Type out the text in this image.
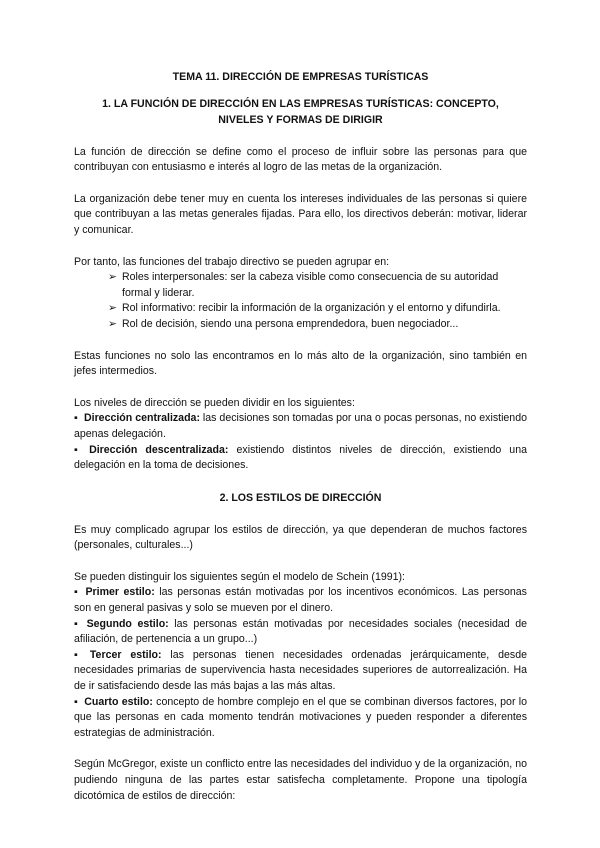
TEMA 11. DIRECCIÓN DE EMPRESAS TURÍSTICAS
1. LA FUNCIÓN DE DIRECCIÓN EN LAS EMPRESAS TURÍSTICAS: CONCEPTO,
NIVELES Y FORMAS DE DIRIGIR

La función de dirección se define como el proceso de influir sobre las personas para que contribuyan con entusiasmo e interés al logro de las metas de la organización.

La organización debe tener muy en cuenta los intereses individuales de las personas si quiere que contribuyan a las metas generales fijadas. Para ello, los directivos deberán: motivar, liderar y comunicar.

Por tanto, las funciones del trabajo directivo se pueden agrupar en:

➢ Roles interpersonales: ser la cabeza visible como consecuencia de su autoridad formal y liderar.
➢ Rol informativo: recibir la información de la organización y el entorno y difundirla.
➢ Rol de decisión, siendo una persona emprendedora, buen negociador...

Estas funciones no solo las encontramos en lo más alto de la organización, sino también en jefes intermedios.

Los niveles de dirección se pueden dividir en los siguientes:

▪ Dirección centralizada: las decisiones son tomadas por una o pocas personas, no existiendo apenas delegación.
▪ Dirección descentralizada: existiendo distintos niveles de dirección, existiendo una delegación en la toma de decisiones.
2. LOS ESTILOS DE DIRECCIÓN

Es muy complicado agrupar los estilos de dirección, ya que dependeran de muchos factores (personales, culturales...)

Se pueden distinguir los siguientes según el modelo de Schein (1991):

▪ Primer estilo: las personas están motivadas por los incentivos económicos. Las personas son en general pasivas y solo se mueven por el dinero.
▪ Segundo estilo: las personas están motivadas por necesidades sociales (necesidad de afiliación, de pertenencia a un grupo...)
▪ Tercer estilo: las personas tienen necesidades ordenadas jerárquicamente, desde necesidades primarias de supervivencia hasta necesidades superiores de autorrealización. Ha de ir satisfaciendo desde las más bajas a las más altas.
▪ Cuarto estilo: concepto de hombre complejo en el que se combinan diversos factores, por lo que las personas en cada momento tendrán motivaciones y pueden responder a diferentes estrategias de administración.

Según McGregor, existe un conflicto entre las necesidades del individuo y de la organización, no pudiendo ninguna de las partes estar satisfecha completamente. Propone una tipología dicotómica de estilos de dirección:
